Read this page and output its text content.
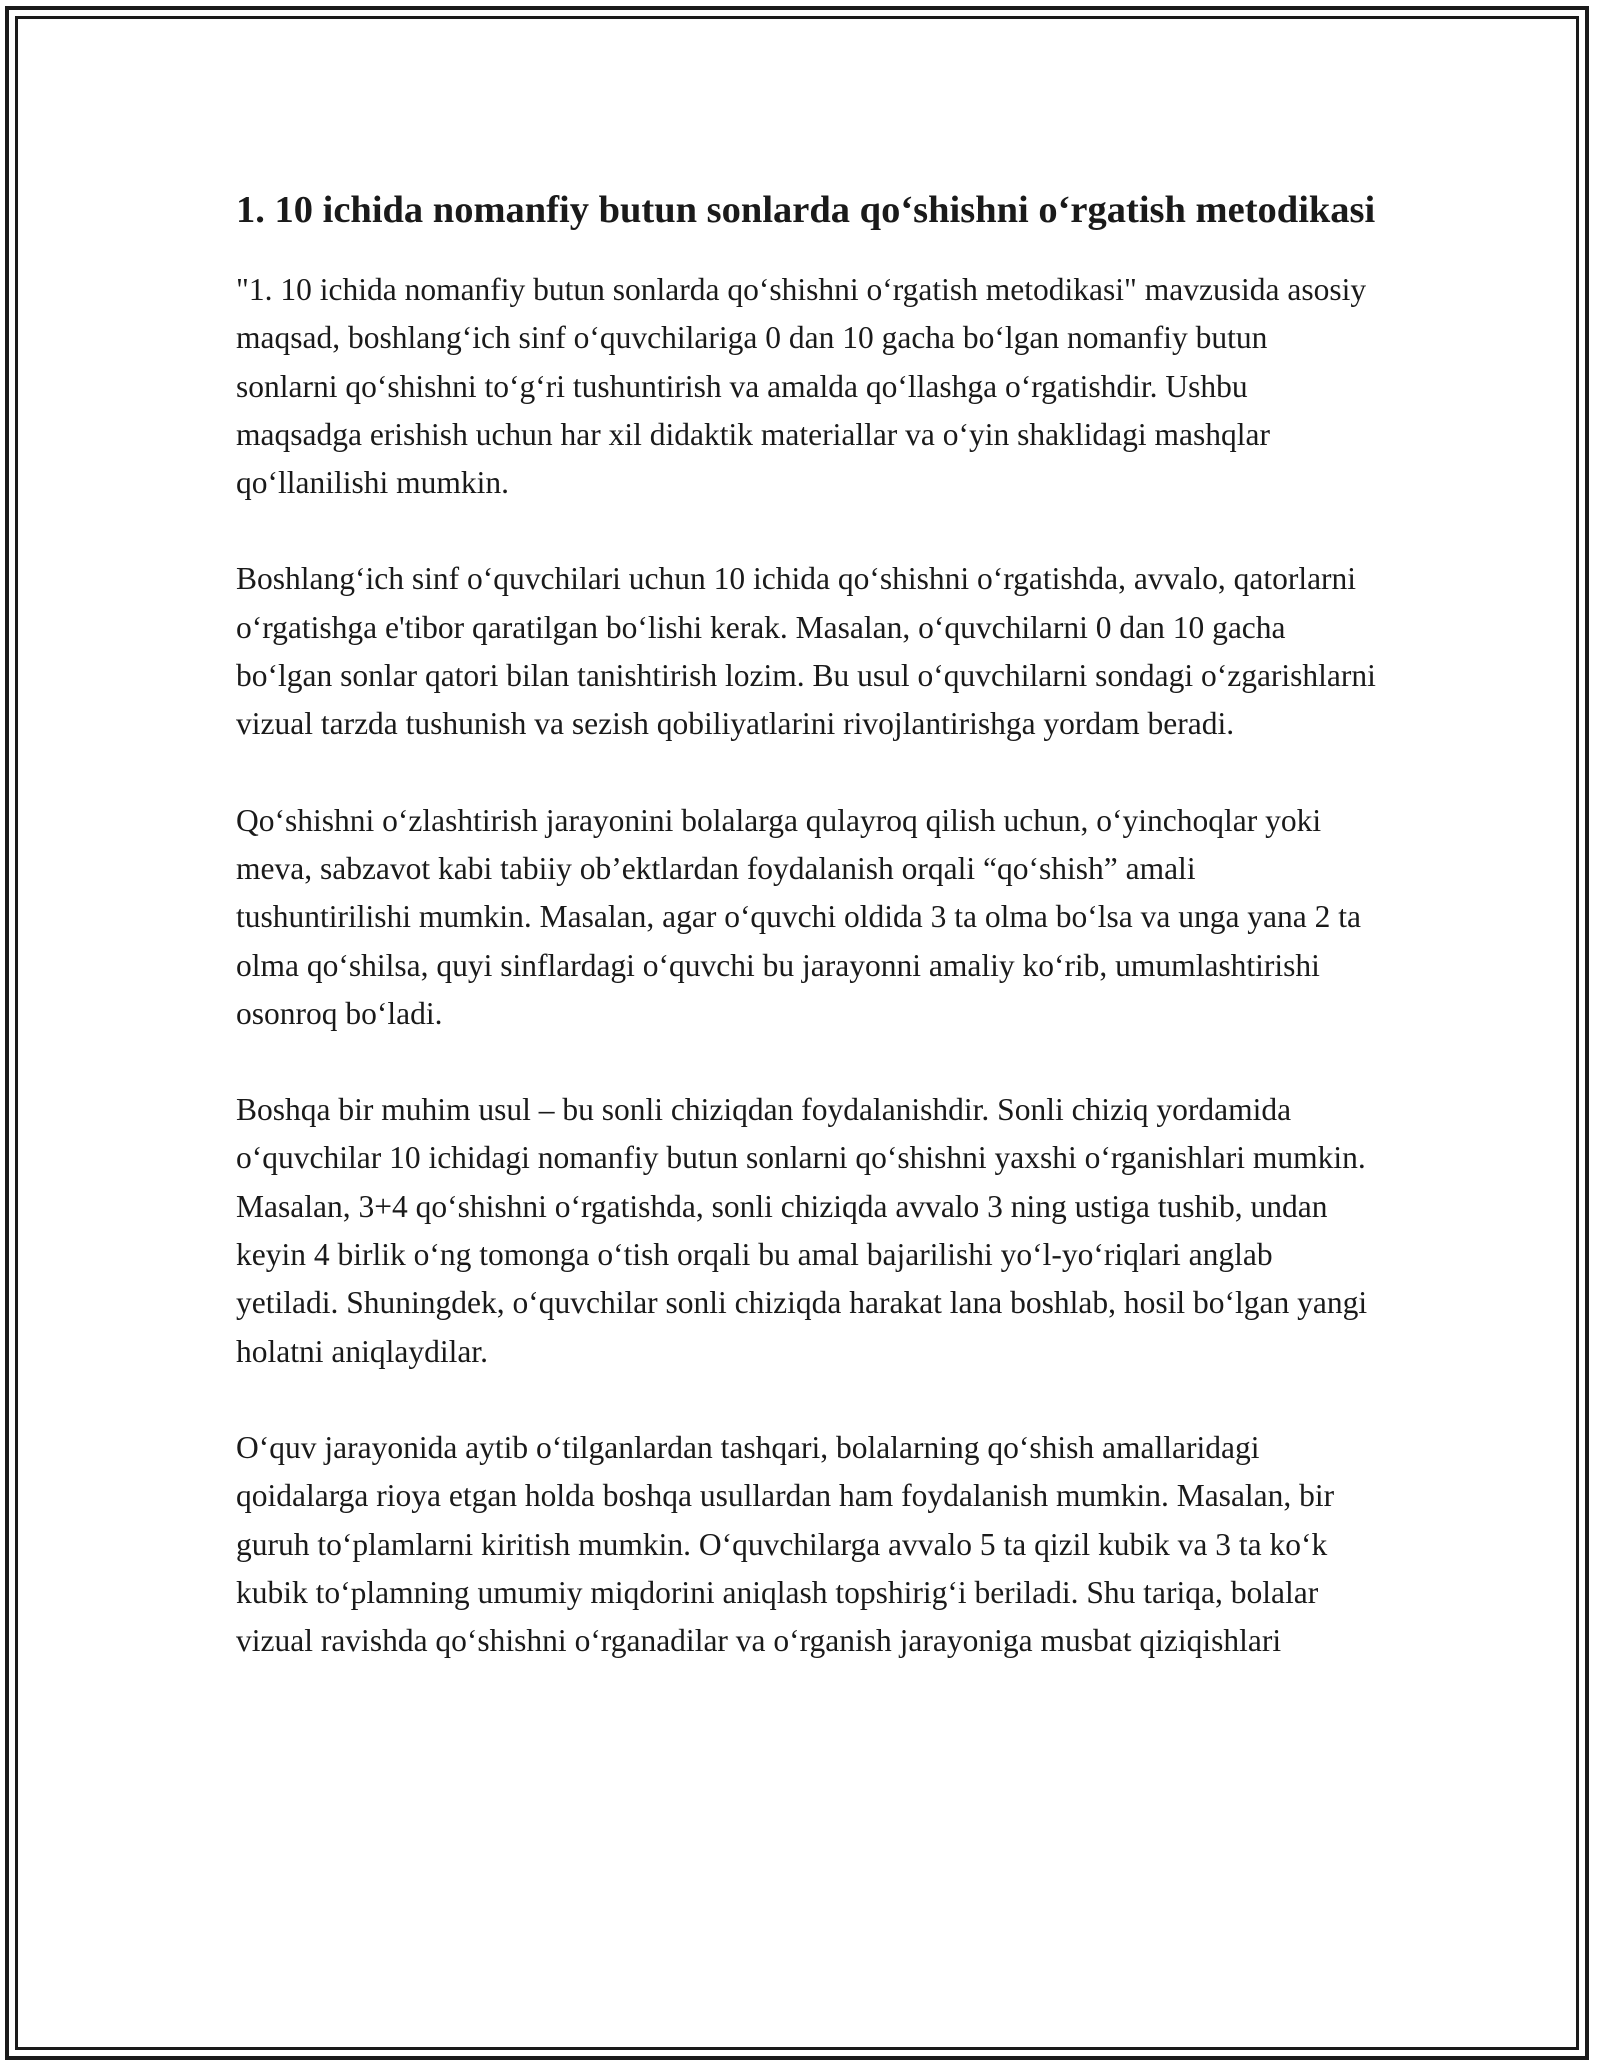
1. 10 ichida nomanfiy butun sonlarda qo‘shishni o‘rgatish metodikasi

"1. 10 ichida nomanfiy butun sonlarda qo‘shishni o‘rgatish metodikasi" mavzusida asosiy maqsad, boshlang‘ich sinf o‘quvchilariga 0 dan 10 gacha bo‘lgan nomanfiy butun sonlarni qo‘shishni to‘g‘ri tushuntirish va amalda qo‘llashga o‘rgatishdir. Ushbu maqsadga erishish uchun har xil didaktik materiallar va o‘yin shaklidagi mashqlar qo‘llanilishi mumkin.

Boshlang‘ich sinf o‘quvchilari uchun 10 ichida qo‘shishni o‘rgatishda, avvalo, qatorlarni o‘rgatishga e'tibor qaratilgan bo‘lishi kerak. Masalan, o‘quvchilarni 0 dan 10 gacha bo‘lgan sonlar qatori bilan tanishtirish lozim. Bu usul o‘quvchilarni sondagi o‘zgarishlarni vizual tarzda tushunish va sezish qobiliyatlarini rivojlantirishga yordam beradi.

Qo‘shishni o‘zlashtirish jarayonini bolalarga qulayroq qilish uchun, o‘yinchoqlar yoki meva, sabzavot kabi tabiiy ob’ektlardan foydalanish orqali “qo‘shish” amali tushuntirilishi mumkin. Masalan, agar o‘quvchi oldida 3 ta olma bo‘lsa va unga yana 2 ta olma qo‘shilsa, quyi sinflardagi o‘quvchi bu jarayonni amaliy ko‘rib, umumlashtirishi osonroq bo‘ladi.

Boshqa bir muhim usul – bu sonli chiziqdan foydalanishdir. Sonli chiziq yordamida o‘quvchilar 10 ichidagi nomanfiy butun sonlarni qo‘shishni yaxshi o‘rganishlari mumkin. Masalan, 3+4 qo‘shishni o‘rgatishda, sonli chiziqda avvalo 3 ning ustiga tushib, undan keyin 4 birlik o‘ng tomonga o‘tish orqali bu amal bajarilishi yo‘l-yo‘riqlari anglab yetiladi. Shuningdek, o‘quvchilar sonli chiziqda harakat lana boshlab, hosil bo‘lgan yangi holatni aniqlaydilar.

O‘quv jarayonida aytib o‘tilganlardan tashqari, bolalarning qo‘shish amallaridagi qoidalarga rioya etgan holda boshqa usullardan ham foydalanish mumkin. Masalan, bir guruh to‘plamlarni kiritish mumkin. O‘quvchilarga avvalo 5 ta qizil kubik va 3 ta ko‘k kubik to‘plamning umumiy miqdorini aniqlash topshirig‘i beriladi. Shu tariqa, bolalar vizual ravishda qo‘shishni o‘rganadilar va o‘rganish jarayoniga musbat qiziqishlari
